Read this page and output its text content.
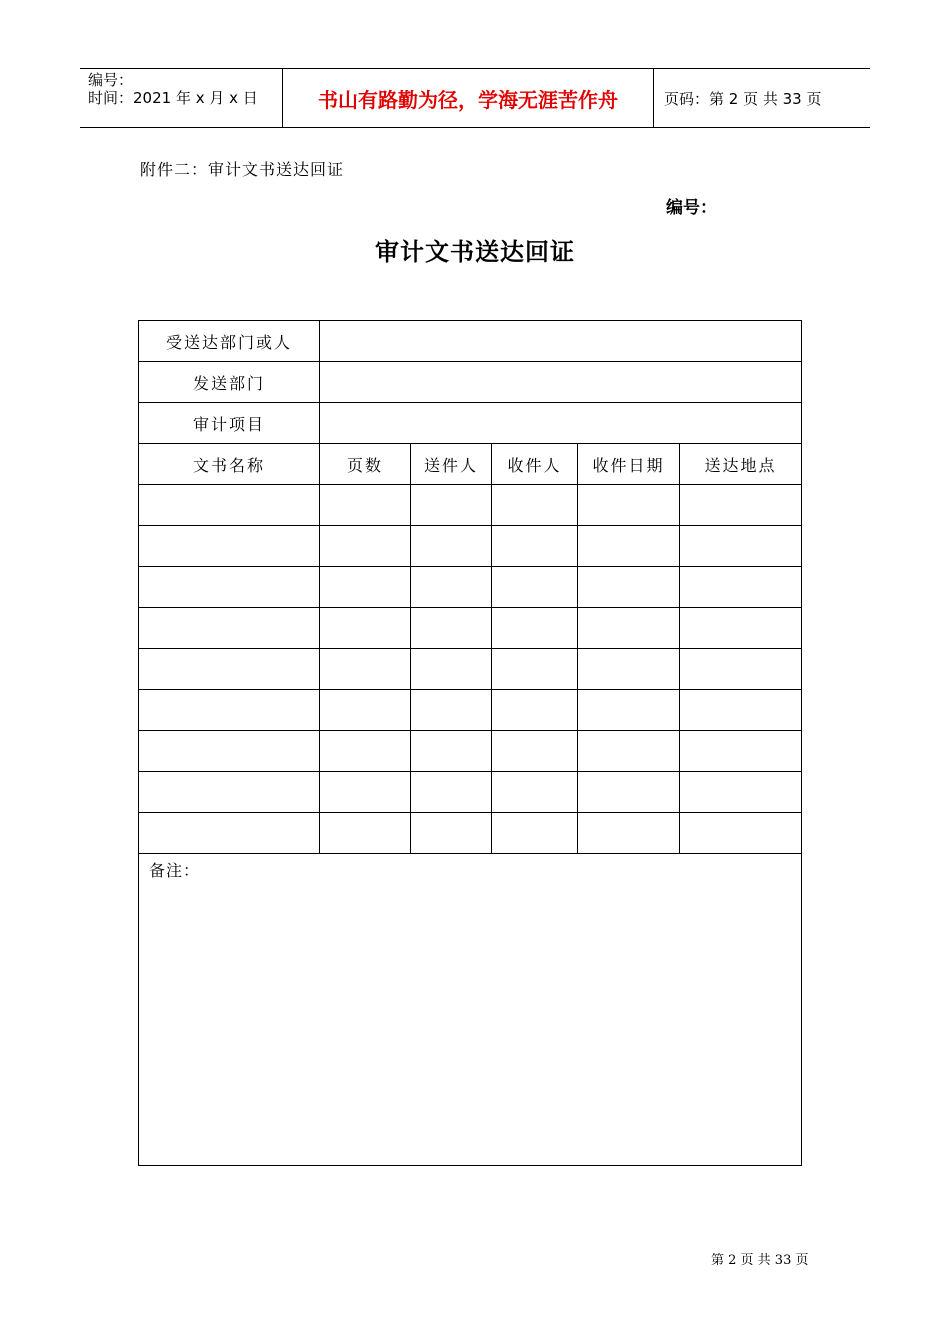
编号：
时间：2021 年 x 月 x 日	书山有路勤为径，学海无涯苦作舟	页码：第 2 页 共 33 页
附件二：审计文书送达回证
编号：
审计文书送达回证
受送达部门或人					
发送部门					
审计项目					
文书名称	页数	送件人	收件人	收件日期	送达地点

备注：					
第 2 页 共 33 页
